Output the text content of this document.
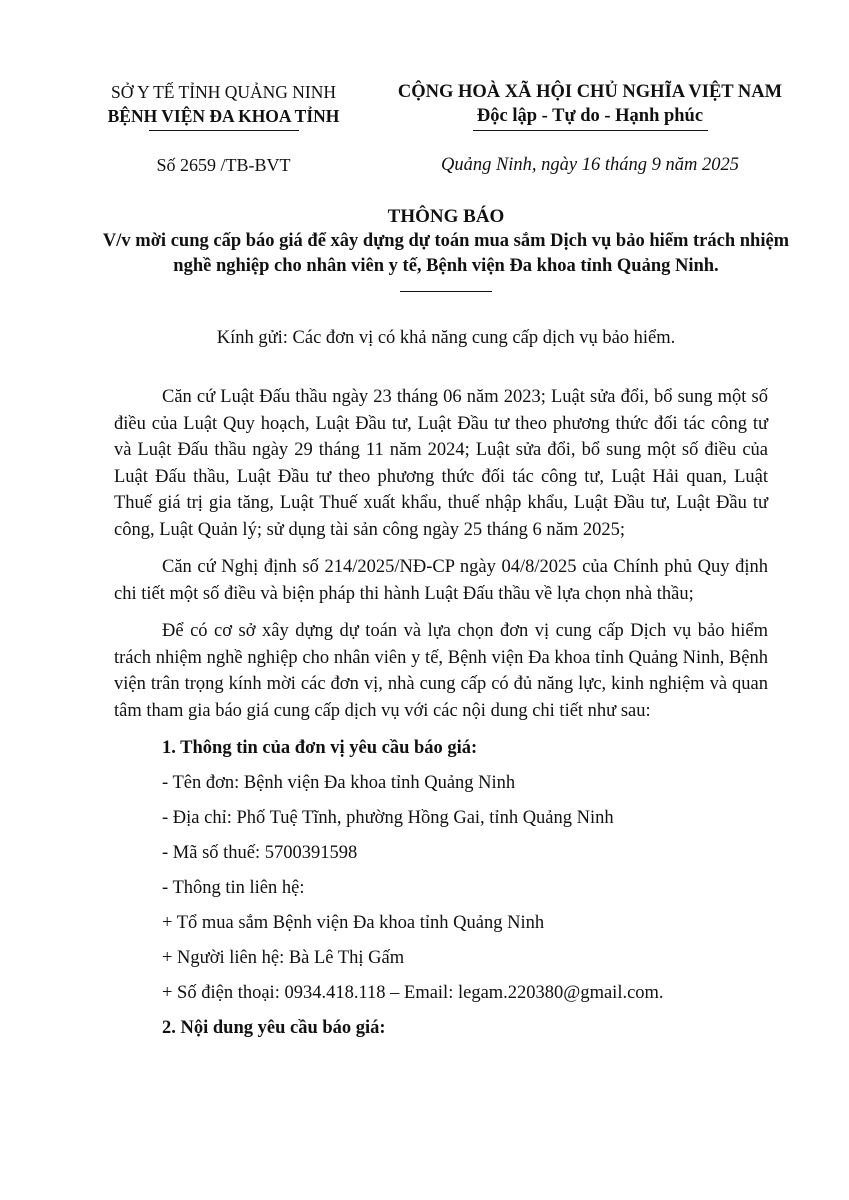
SỞ Y TẾ TỈNH QUẢNG NINH
BỆNH VIỆN ĐA KHOA TỈNH
CỘNG HOÀ XÃ HỘI CHỦ NGHĨA VIỆT NAM
Độc lập - Tự do - Hạnh phúc
Số 2659 /TB-BVT	Quảng Ninh, ngày 16 tháng 9 năm 2025
THÔNG BÁO
V/v mời cung cấp báo giá để xây dựng dự toán mua sắm Dịch vụ bảo hiểm trách nhiệm nghề nghiệp cho nhân viên y tế, Bệnh viện Đa khoa tỉnh Quảng Ninh.
Kính gửi: Các đơn vị có khả năng cung cấp dịch vụ bảo hiểm.

Căn cứ Luật Đấu thầu ngày 23 tháng 06 năm 2023; Luật sửa đổi, bổ sung một số điều của Luật Quy hoạch, Luật Đầu tư, Luật Đầu tư theo phương thức đối tác công tư và Luật Đấu thầu ngày 29 tháng 11 năm 2024; Luật sửa đổi, bổ sung một số điều của Luật Đấu thầu, Luật Đầu tư theo phương thức đối tác công tư, Luật Hải quan, Luật Thuế giá trị gia tăng, Luật Thuế xuất khẩu, thuế nhập khẩu, Luật Đầu tư, Luật Đầu tư công, Luật Quản lý; sử dụng tài sản công ngày 25 tháng 6 năm 2025;

Căn cứ Nghị định số 214/2025/NĐ-CP ngày 04/8/2025 của Chính phủ Quy định chi tiết một số điều và biện pháp thi hành Luật Đấu thầu về lựa chọn nhà thầu;

Để có cơ sở xây dựng dự toán và lựa chọn đơn vị cung cấp Dịch vụ bảo hiểm trách nhiệm nghề nghiệp cho nhân viên y tế, Bệnh viện Đa khoa tỉnh Quảng Ninh, Bệnh viện trân trọng kính mời các đơn vị, nhà cung cấp có đủ năng lực, kinh nghiệm và quan tâm tham gia báo giá cung cấp dịch vụ với các nội dung chi tiết như sau:

1. Thông tin của đơn vị yêu cầu báo giá:
- Tên đơn: Bệnh viện Đa khoa tỉnh Quảng Ninh
- Địa chỉ: Phố Tuệ Tĩnh, phường Hồng Gai, tỉnh Quảng Ninh
- Mã số thuế: 5700391598
- Thông tin liên hệ:
+ Tổ mua sắm Bệnh viện Đa khoa tỉnh Quảng Ninh
+ Người liên hệ: Bà Lê Thị Gấm
+ Số điện thoại: 0934.418.118 – Email: legam.220380@gmail.com.
2. Nội dung yêu cầu báo giá:
